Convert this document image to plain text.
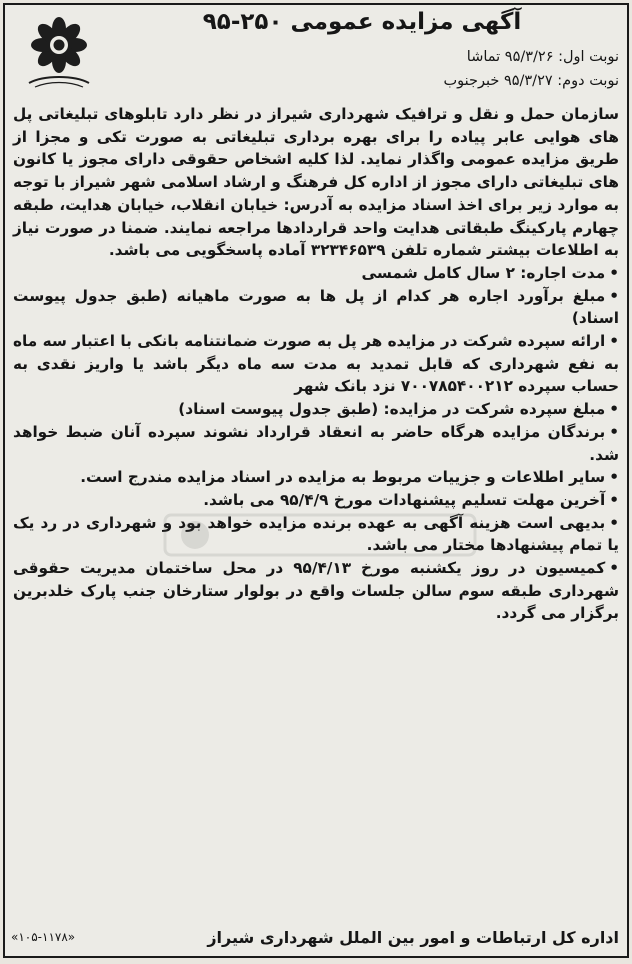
آگهی مزایده عمومی ۲۵۰-۹۵
نوبت اول: ۹۵/۳/۲۶ تماشا
نوبت دوم: ۹۵/۳/۲۷ خبرجنوب

سازمان حمل و نقل و ترافیک شهرداری شیراز در نظر دارد تابلوهای تبلیغاتی پل های هوایی عابر پیاده را برای بهره برداری تبلیغاتی به صورت تکی و مجزا از طریق مزایده عمومی واگذار نماید. لذا کلیه اشخاص حقوقی دارای مجوز یا کانون های تبلیغاتی دارای مجوز از اداره کل فرهنگ و ارشاد اسلامی شهر شیراز با توجه به موارد زیر برای اخذ اسناد مزایده به آدرس: خیابان انقلاب، خیابان هدایت، طبقه چهارم پارکینگ طبقاتی هدایت واحد قراردادها مراجعه نمایند. ضمنا در صورت نیاز به اطلاعات بیشتر شماره تلفن ۳۲۳۴۶۵۳۹ آماده پاسخگویی می باشد.

•مدت اجاره: ۲ سال کامل شمسی

•مبلغ برآورد اجاره هر کدام از پل ها به صورت ماهیانه (طبق جدول پیوست اسناد)

•ارائه سپرده شرکت در مزایده هر پل به صورت ضمانتنامه بانکی با اعتبار سه ماه به نفع شهرداری که قابل تمدید به مدت سه ماه دیگر باشد یا واریز نقدی به حساب سپرده ۷۰۰۷۸۵۴۰۰۲۱۲ نزد بانک شهر

•مبلغ سپرده شرکت در مزایده: (طبق جدول پیوست اسناد)

•برندگان مزایده هرگاه حاضر به انعقاد قرارداد نشوند سپرده آنان ضبط خواهد شد.

•سایر اطلاعات و جزییات مربوط به مزایده در اسناد مزایده مندرج است.

•آخرین مهلت تسلیم پیشنهادات مورخ ۹۵/۴/۹ می باشد.

•بدیهی است هزینه آگهی به عهده برنده مزایده خواهد بود و شهرداری در رد یک یا تمام پیشنهادها مختار می باشد.

•کمیسیون در روز یکشنبه مورخ ۹۵/۴/۱۳ در محل ساختمان مدیریت حقوقی شهرداری طبقه سوم سالن جلسات واقع در بولوار ستارخان جنب پارک خلدبرین برگزار می گردد.

اداره کل ارتباطات و امور بین الملل شهرداری شیراز
«۱۰۵-۱۱۷۸»
